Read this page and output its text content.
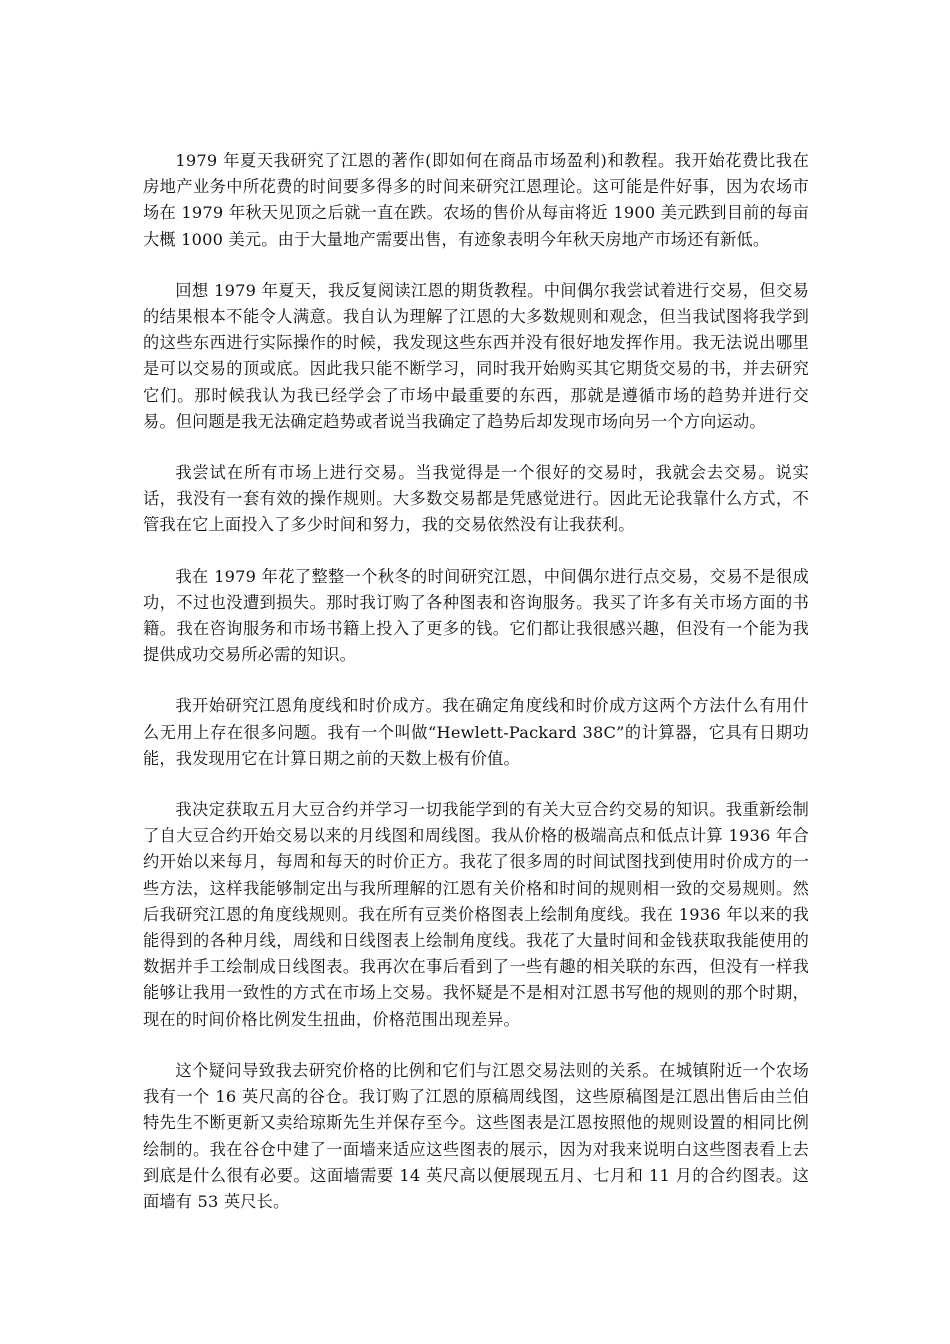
1979 年夏天我研究了江恩的著作(即如何在商品市场盈利)和教程。我开始花费比我在房地产业务中所花费的时间要多得多的时间来研究江恩理论。这可能是件好事，因为农场市场在 1979 年秋天见顶之后就一直在跌。农场的售价从每亩将近 1900 美元跌到目前的每亩大概 1000 美元。由于大量地产需要出售，有迹象表明今年秋天房地产市场还有新低。

回想 1979 年夏天，我反复阅读江恩的期货教程。中间偶尔我尝试着进行交易，但交易的结果根本不能令人满意。我自认为理解了江恩的大多数规则和观念，但当我试图将我学到的这些东西进行实际操作的时候，我发现这些东西并没有很好地发挥作用。我无法说出哪里是可以交易的顶或底。因此我只能不断学习，同时我开始购买其它期货交易的书，并去研究它们。那时候我认为我已经学会了市场中最重要的东西，那就是遵循市场的趋势并进行交易。但问题是我无法确定趋势或者说当我确定了趋势后却发现市场向另一个方向运动。

我尝试在所有市场上进行交易。当我觉得是一个很好的交易时，我就会去交易。说实话，我没有一套有效的操作规则。大多数交易都是凭感觉进行。因此无论我靠什么方式，不管我在它上面投入了多少时间和努力，我的交易依然没有让我获利。

我在 1979 年花了整整一个秋冬的时间研究江恩，中间偶尔进行点交易，交易不是很成功，不过也没遭到损失。那时我订购了各种图表和咨询服务。我买了许多有关市场方面的书籍。我在咨询服务和市场书籍上投入了更多的钱。它们都让我很感兴趣，但没有一个能为我提供成功交易所必需的知识。

我开始研究江恩角度线和时价成方。我在确定角度线和时价成方这两个方法什么有用什么无用上存在很多问题。我有一个叫做“Hewlett-Packard 38C”的计算器，它具有日期功能，我发现用它在计算日期之前的天数上极有价值。

我决定获取五月大豆合约并学习一切我能学到的有关大豆合约交易的知识。我重新绘制了自大豆合约开始交易以来的月线图和周线图。我从价格的极端高点和低点计算 1936 年合约开始以来每月，每周和每天的时价正方。我花了很多周的时间试图找到使用时价成方的一些方法，这样我能够制定出与我所理解的江恩有关价格和时间的规则相一致的交易规则。然后我研究江恩的角度线规则。我在所有豆类价格图表上绘制角度线。我在 1936 年以来的我能得到的各种月线，周线和日线图表上绘制角度线。我花了大量时间和金钱获取我能使用的数据并手工绘制成日线图表。我再次在事后看到了一些有趣的相关联的东西，但没有一样我能够让我用一致性的方式在市场上交易。我怀疑是不是相对江恩书写他的规则的那个时期，现在的时间价格比例发生扭曲，价格范围出现差异。

这个疑问导致我去研究价格的比例和它们与江恩交易法则的关系。在城镇附近一个农场我有一个 16 英尺高的谷仓。我订购了江恩的原稿周线图，这些原稿图是江恩出售后由兰伯特先生不断更新又卖给琼斯先生并保存至今。这些图表是江恩按照他的规则设置的相同比例绘制的。我在谷仓中建了一面墙来适应这些图表的展示，因为对我来说明白这些图表看上去到底是什么很有必要。这面墙需要 14 英尺高以便展现五月、七月和 11 月的合约图表。这面墙有 53 英尺长。
